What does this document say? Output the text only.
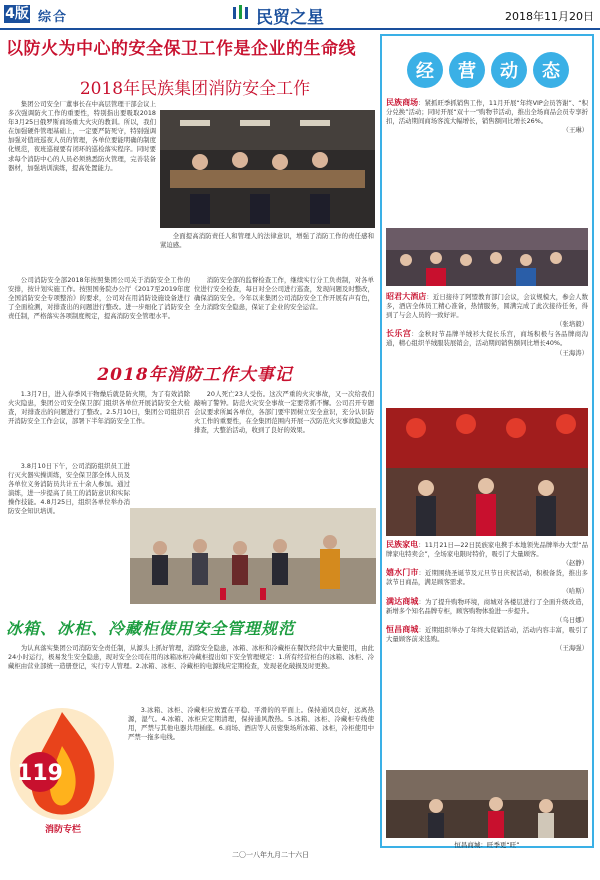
4版 综合	民贸之星	2018年11月20日
以防火为中心的安全保卫工作是企业的生命线
2018年民族集团消防安全工作

集团公司安全厂董事长在中高层管理干部会议上多次强调防火工作的重要性，特别指出要吸取2018年3月25日俄罗斯商场重大火灾的教训。所以，我们在加强硬件管理基础上，一定要严防死守，特别强调加强对值班巡夜人员的管理，各单位要能明确的制度化规范，夜班巡视要有闭环的巡检落实程序。同时要求每个消防中心的人员必须熟悉防火管理，完善装备器材，加强培训演练，提高处置能力。

全面提高消防责任人和管理人的法律意识，增强了消防工作的责任感和紧迫感。

公司消防安全部2018年按照集团公司关于消防安全工作的安排，按计划实施工作。按照国务院办公厅《2017至2019年度全国消防安全专项整治》的要求，公司对在用消防设施设备进行了全面检测，对排查出的问题进行整改。进一步细化了消防安全责任制，严格落实各项制度规定，提高消防安全管理水平。

消防安全部的监督检查工作，继续实行分工负责制，对各单位进行安全检查，每日对全公司进行巡查，发现问题及时整改，确保消防安全。今年以来集团公司消防安全工作开展有声有色，全力消除安全隐患，保证了企业的安全运营。

2018年消防工作大事记

1.3月7日，进入春季风干物燥后就是防火期，为了有效消除火灾隐患，集团公司安全保卫部门组织各单位开展消防安全大检查，对排查出的问题进行了整改。2.5月10日，集团公司组织召开消防安全工作会议，部署下半年消防安全工作。

20人死亡23人受伤。这次严重的火灾事故，又一次给我们敲响了警钟。防范火灾安全事故一定要常抓不懈。公司召开专题会议要求所属各单位，各部门要牢固树立安全意识，充分认识防火工作的重要性，在全集团范围内开展一次防范火灾事故隐患大排查，大整治活动，收到了良好的效果。

3.8月10日下午，公司消防组织员工进行灭火器实操训练，安全保卫部全体人员及各单位义务消防员共计五十余人参加。通过演练，进一步提高了员工的消防意识和实际操作技能。4.8月25日，组织各单位举办消防安全知识培训。

冰箱、冰柜、冷藏柜使用安全管理规范

为认真落实集团公司消防安全责任制，从源头上抓好管理，消除安全隐患，冰箱、冰柜和冷藏柜在餐饮经营中大量使用，由此24小时运行，极易发生安全隐患，现对安全公司在用的冰箱冰柜冷藏柜提出如下安全管理规定：1.所有经营柜台的冰箱、冰柜、冷藏柜由营业部统一造册登记，实行专人管理。2.冰箱、冰柜、冷藏柜的电源线应定期检查，发现老化破损及时更换。

119
消防专栏

3.冰箱、冰柜、冷藏柜应放置在平稳、平滑的的平面上。保持通风良好，远离热源，湿气。4.冰箱、冰柜应定期清理，保持通风散热。5.冰箱、冰柜、冷藏柜专线使用，严禁与其他电器共用插座。6.商场、酒店等人员密集场所冰箱、冰柜，冷柜使用中严禁一拖多电线。

二〇一八年九月二十六日
经 营 动 态
民族商场：紧抓旺季抓销售工作，11月开展“年终VIP会员答谢”、“积分兑换”活动；同时开展“双十一”购物节活动，推出全场商品会员专享折扣，活动期间商场客流大幅增长，销售额同比增长26%。
（王琳）
昭君大酒店：近日接待了阿盟教育部门会议，会议规模大，参会人数多，酒店全体员工精心准备，热情服务，圆满完成了此次接待任务，得到了与会人员的一致好评。
（张培毅）
长乐宫：金秋时节品牌羊绒衫大促长乐宫，商场积极与各品牌商沟通，精心组织羊绒服装展销会，活动期间销售额同比增长40%。
（王海涛）
民族家电：11月21日—22日民族家电携手本地领先品牌举办大型“品牌家电特卖会”，全场家电限时特价，吸引了大量顾客。
（赵静）
嬉水门市：近期围绕圣诞节及元旦节日庆祝活动，积极备货，推出多款节日商品，满足顾客需求。
（哈斯）
满达商城：为了提升购物环境，商城对各楼层进行了全面升级改造，新增多个知名品牌专柜，顾客购物体验进一步提升。
（乌日娜）
恒昌商城：近期组织举办了年终大促销活动，活动内容丰富，吸引了大量顾客前来选购。
（王海强）
恒昌商城：旺季更“旺”
